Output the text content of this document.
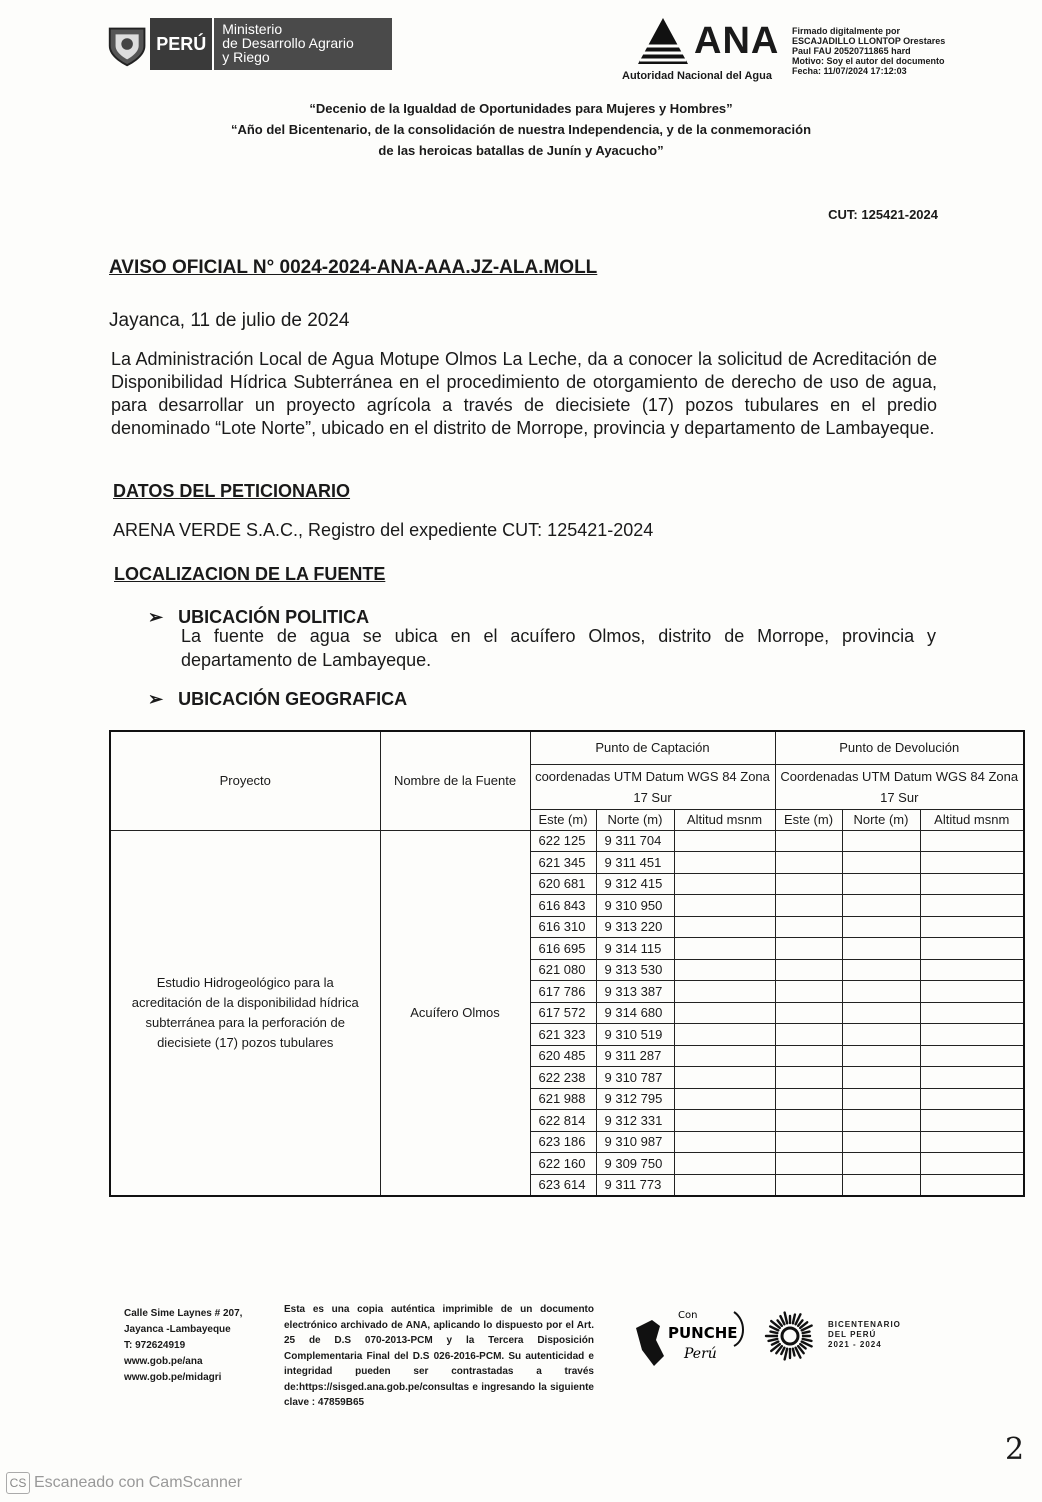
PERÚ
Ministerio
de Desarrollo Agrario
y Riego	ANA
Autoridad Nacional del Agua
Firmado digitalmente por
ESCAJADILLO LLONTOP Orestares
Paul FAU 20520711865 hard
Motivo: Soy el autor del documento
Fecha: 11/07/2024 17:12:03
“Decenio de la Igualdad de Oportunidades para Mujeres y Hombres”
“Año del Bicentenario, de la consolidación de nuestra Independencia, y de la conmemoración
de las heroicas batallas de Junín y Ayacucho”
CUT: 125421-2024
AVISO OFICIAL N° 0024-2024-ANA-AAA.JZ-ALA.MOLL
Jayanca, 11 de julio de 2024
La Administración Local de Agua Motupe Olmos La Leche, da a conocer la solicitud de Acreditación de Disponibilidad Hídrica Subterránea en el procedimiento de otorgamiento de derecho de uso de agua, para desarrollar un proyecto agrícola a través de diecisiete (17) pozos tubulares en el predio denominado “Lote Norte”, ubicado en el distrito de Morrope, provincia y departamento de Lambayeque.
DATOS DEL PETICIONARIO
ARENA VERDE S.A.C., Registro del expediente CUT: 125421-2024
LOCALIZACION DE LA FUENTE
➢ UBICACIÓN POLITICA
La fuente de agua se ubica en el acuífero Olmos, distrito de Morrope, provincia y departamento de Lambayeque.
➢ UBICACIÓN GEOGRAFICA
Proyecto	Nombre de la Fuente	Punto de Captación			Punto de Devolución		
		coordenadas UTM Datum WGS 84 Zona 17 Sur			Coordenadas UTM Datum WGS 84 Zona 17 Sur		
		Este (m)	Norte (m)	Altitud msnm	Este (m)	Norte (m)	Altitud msnm
Estudio Hidrogeológico para la acreditación de la disponibilidad hídrica subterránea para la perforación de diecisiete (17) pozos tubulares	Acuífero Olmos	622 125	9 311 704				
		621 345	9 311 451				
		620 681	9 312 415				
		616 843	9 310 950				
		616 310	9 313 220				
		616 695	9 314 115				
		621 080	9 313 530				
		617 786	9 313 387				
		617 572	9 314 680				
		621 323	9 310 519				
		620 485	9 311 287				
		622 238	9 310 787				
		621 988	9 312 795				
		622 814	9 312 331				
		623 186	9 310 987				
		622 160	9 309 750				
		623 614	9 311 773				
Calle Sime Laynes # 207,
Jayanca -Lambayeque
T: 972624919
www.gob.pe/ana
www.gob.pe/midagri
Esta es una copia auténtica imprimible de un documento electrónico archivado de ANA, aplicando lo dispuesto por el Art. 25 de D.S 070-2013-PCM y la Tercera Disposición Complementaria Final del D.S 026-2016-PCM. Su autenticidad e integridad pueden ser contrastadas a través de:https://sisged.ana.gob.pe/consultas e ingresando la siguiente clave : 47859B65
Con
PUNCHE
Perú
BICENTENARIO
DEL PERÚ
2021 - 2024
2
CS Escaneado con CamScanner
